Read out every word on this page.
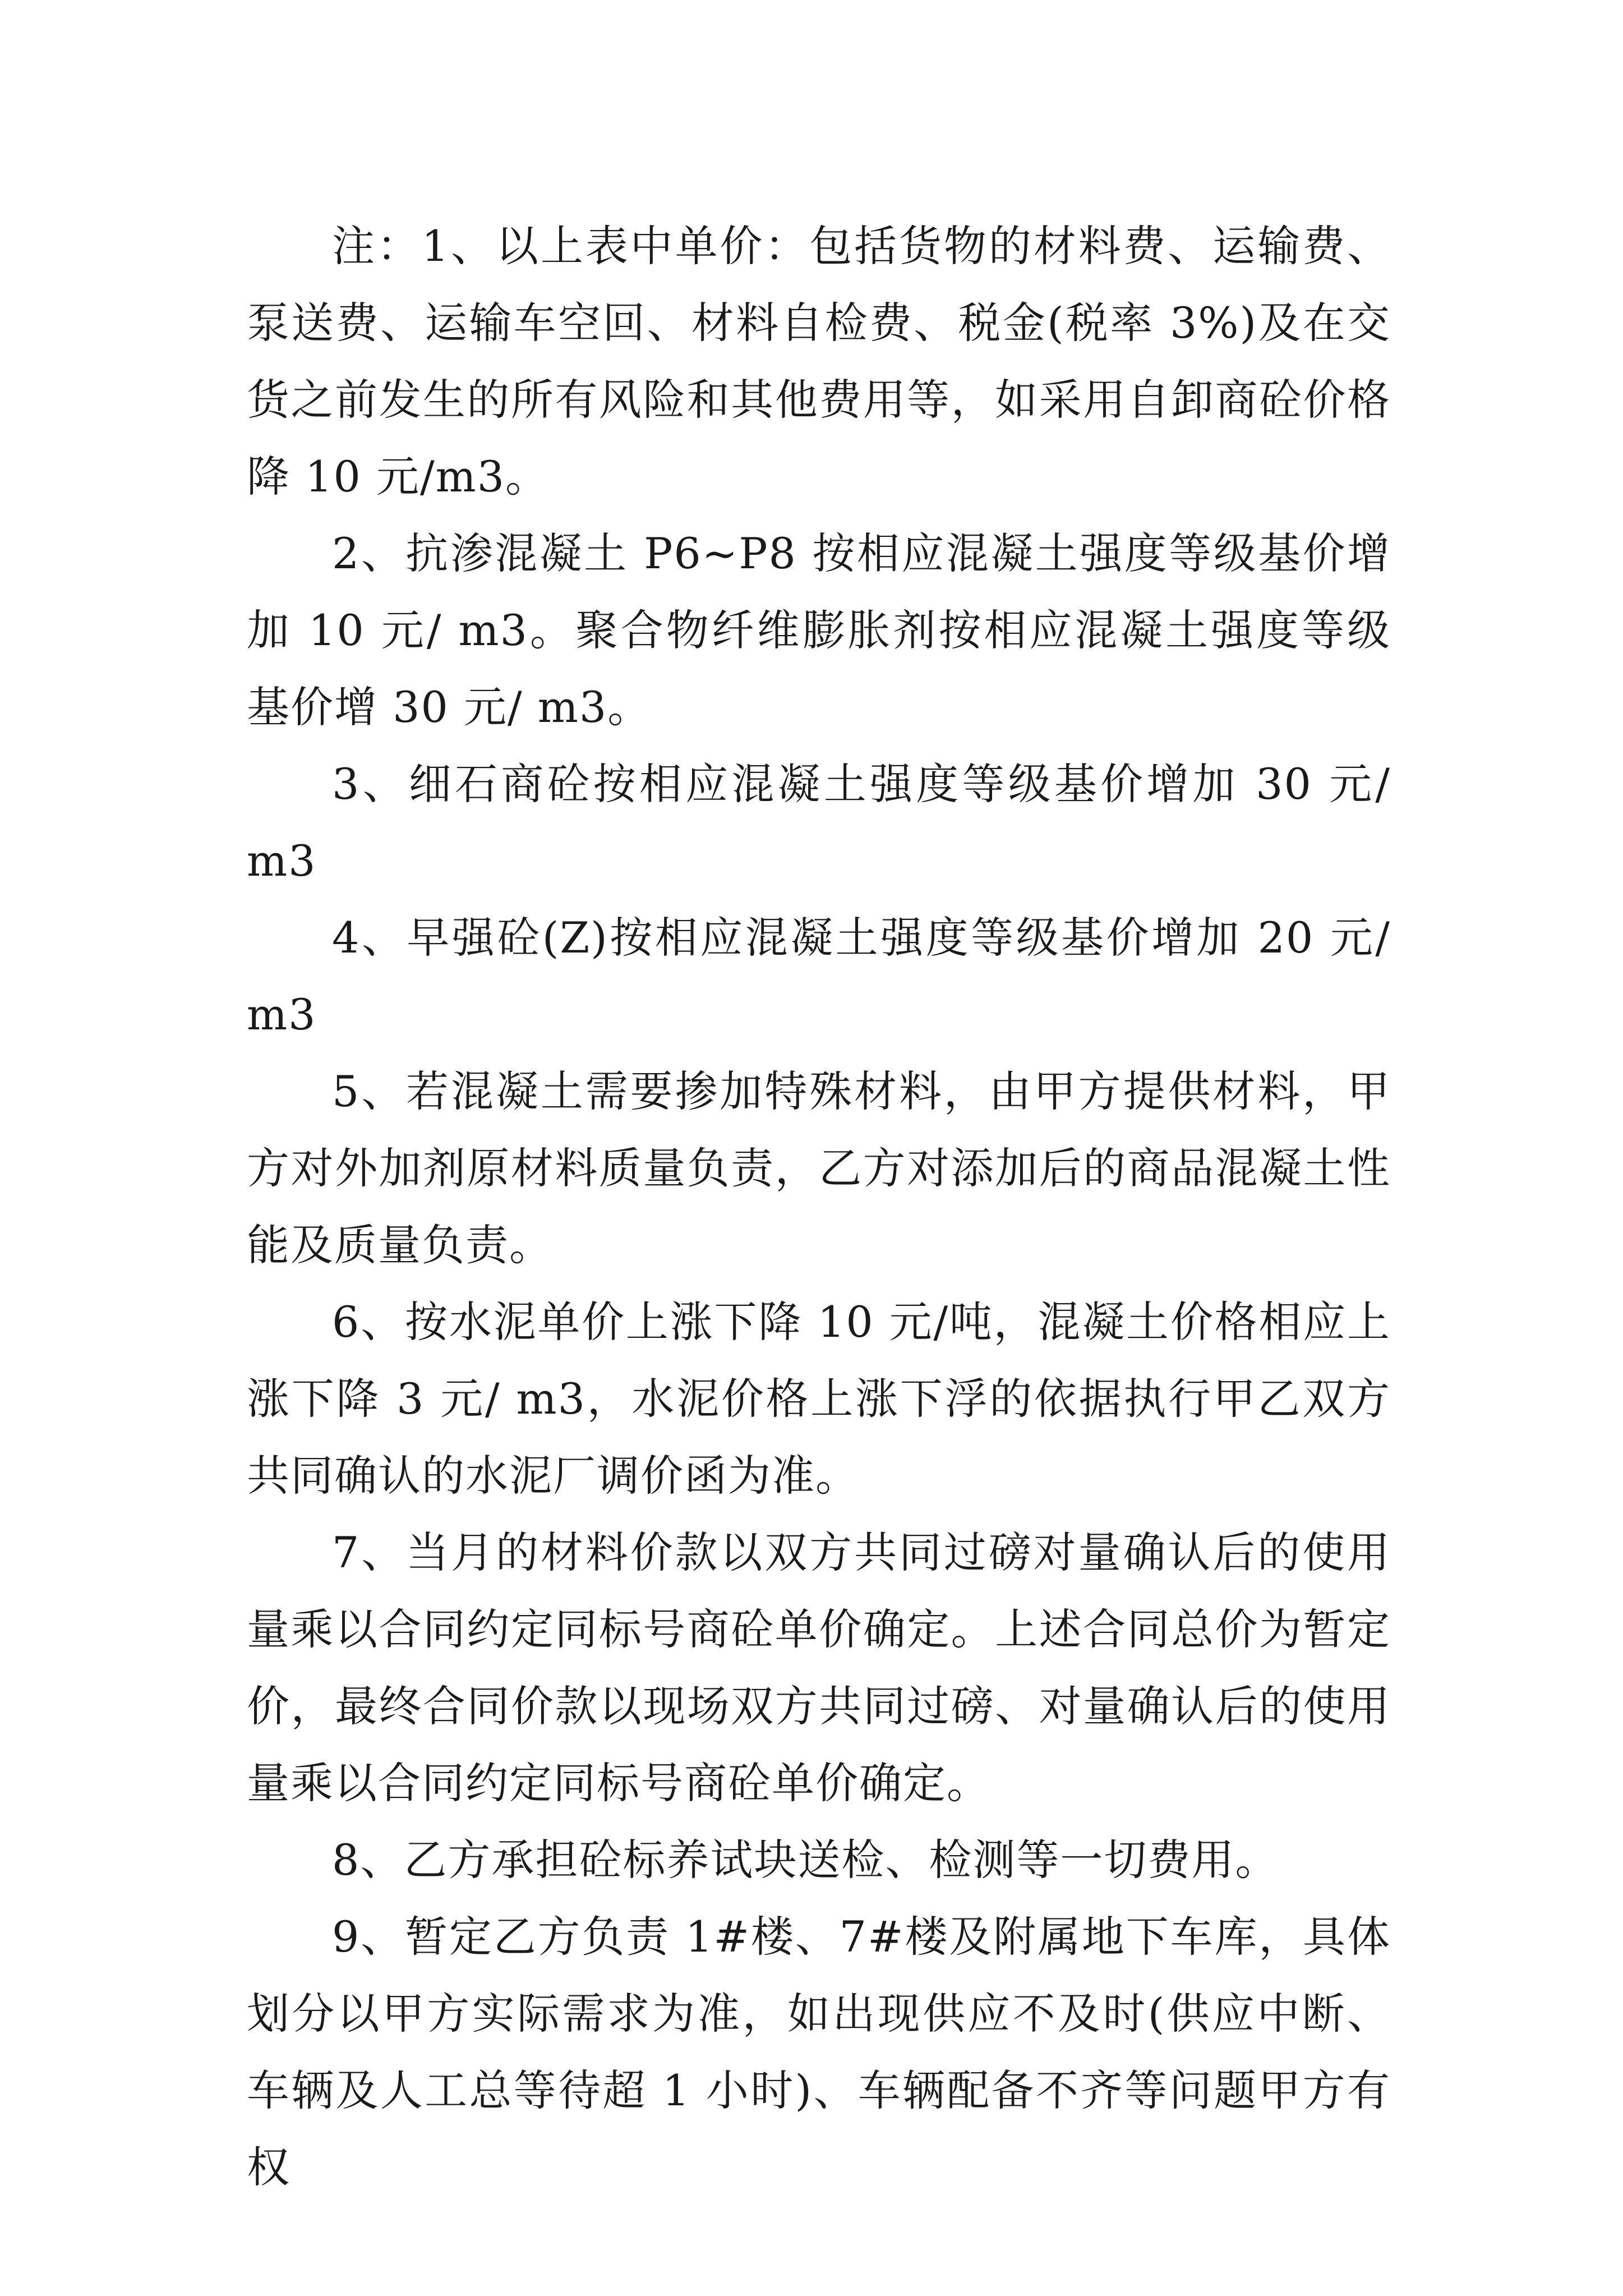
注：1、以上表中单价：包括货物的材料费、运输费、泵送费、运输车空回、材料自检费、税金(税率 3%)及在交货之前发生的所有风险和其他费用等，如采用自卸商砼价格降 10 元/m3。

2、抗渗混凝土 P6~P8 按相应混凝土强度等级基价增加 10 元/ m3。聚合物纤维膨胀剂按相应混凝土强度等级基价增 30 元/ m3。

3、细石商砼按相应混凝土强度等级基价增加 30 元/ m3

4、早强砼(Z)按相应混凝土强度等级基价增加 20 元/ m3

5、若混凝土需要掺加特殊材料，由甲方提供材料，甲方对外加剂原材料质量负责，乙方对添加后的商品混凝土性能及质量负责。

6、按水泥单价上涨下降 10 元/吨，混凝土价格相应上涨下降 3 元/ m3，水泥价格上涨下浮的依据执行甲乙双方共同确认的水泥厂调价函为准。

7、当月的材料价款以双方共同过磅对量确认后的使用量乘以合同约定同标号商砼单价确定。上述合同总价为暂定价，最终合同价款以现场双方共同过磅、对量确认后的使用量乘以合同约定同标号商砼单价确定。

8、乙方承担砼标养试块送检、检测等一切费用。

9、暂定乙方负责 1#楼、7#楼及附属地下车库，具体划分以甲方实际需求为准，如出现供应不及时(供应中断、车辆及人工总等待超 1 小时)、车辆配备不齐等问题甲方有权
